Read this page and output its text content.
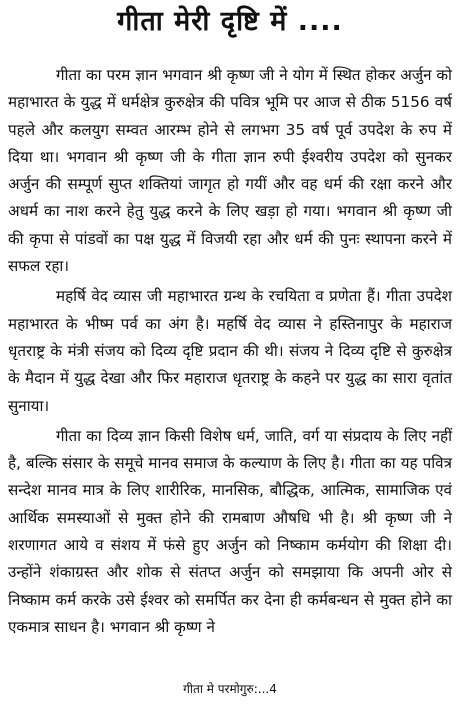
गीता मेरी दृष्टि में ....

गीता का परम ज्ञान भगवान श्री कृष्ण जी ने योग में स्थित होकर अर्जुन को महाभारत के युद्ध में धर्मक्षेत्र कुरुक्षेत्र की पवित्र भूमि पर आज से ठीक 5156 वर्ष पहले और कलयुग सम्वत आरम्भ होने से लगभग 35 वर्ष पूर्व उपदेश के रुप में दिया था। भगवान श्री कृष्ण जी के गीता ज्ञान रुपी ईश्वरीय उपदेश को सुनकर अर्जुन की सम्पूर्ण सुप्त शक्तियां जागृत हो गयीं और वह धर्म की रक्षा करने और अधर्म का नाश करने हेतु युद्ध करने के लिए खड़ा हो गया। भगवान श्री कृष्ण जी की कृपा से पांडवों का पक्ष युद्ध में विजयी रहा और धर्म की पुनः स्थापना करने में सफल रहा।

महर्षि वेद व्यास जी महाभारत ग्रन्थ के रचयिता व प्रणेता हैं। गीता उपदेश महाभारत के भीष्म पर्व का अंग है। महर्षि वेद व्यास ने हस्तिनापुर के महाराज धृतराष्ट्र के मंत्री संजय को दिव्य दृष्टि प्रदान की थी। संजय ने दिव्य दृष्टि से कुरुक्षेत्र के मैदान में युद्ध देखा और फिर महाराज धृतराष्ट्र के कहने पर युद्ध का सारा वृतांत सुनाया।

गीता का दिव्य ज्ञान किसी विशेष धर्म, जाति, वर्ग या संप्रदाय के लिए नहीं है, बल्कि संसार के समूचे मानव समाज के कल्याण के लिए है। गीता का यह पवित्र सन्देश मानव मात्र के लिए शारीरिक, मानसिक, बौद्धिक, आत्मिक, सामाजिक एवं आर्थिक समस्याओं से मुक्त होने की रामबाण औषधि भी है। श्री कृष्ण जी ने शरणागत आये व संशय में फंसे हुए अर्जुन को निष्काम कर्मयोग की शिक्षा दी। उन्होंने शंकाग्रस्त और शोक से संतप्त अर्जुन को समझाया कि अपनी ओर से निष्काम कर्म करके उसे ईश्वर को समर्पित कर देना ही कर्मबन्धन से मुक्त होने का एकमात्र साधन है। भगवान श्री कृष्ण ने

गीता मे परमोगुरु:...4
